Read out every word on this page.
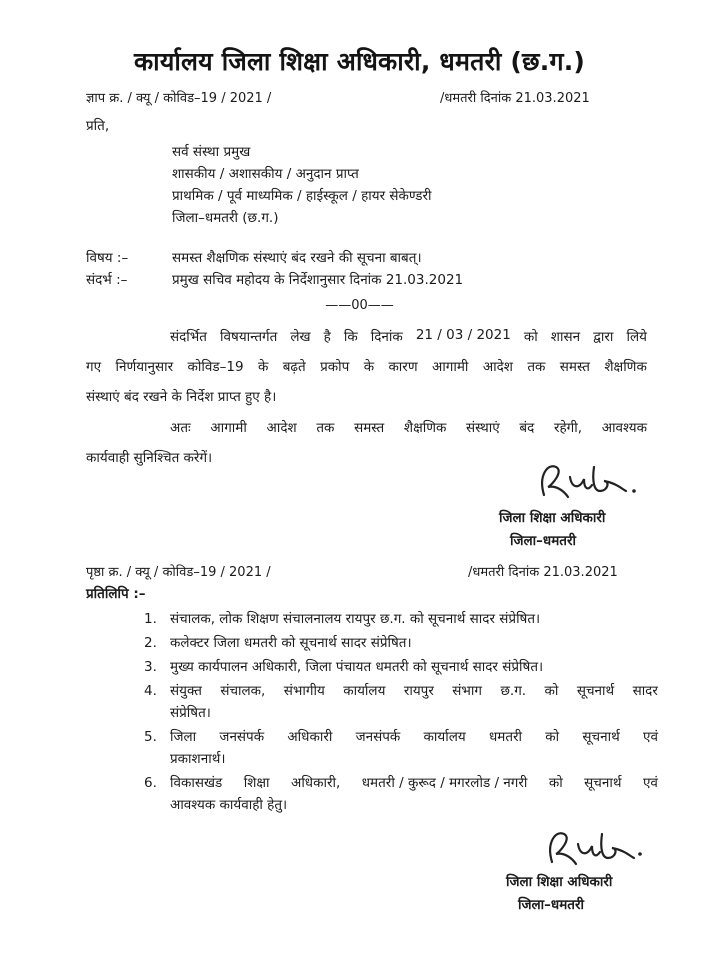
कार्यालय जिला शिक्षा अधिकारी, धमतरी (छ.ग.)
ज्ञाप क्र. / क्यू / कोविड–19 / 2021 /	/धमतरी दिनांक 21.03.2021
प्रति,
सर्व संस्था प्रमुख
शासकीय / अशासकीय / अनुदान प्राप्त
प्राथमिक / पूर्व माध्यमिक / हाईस्कूल / हायर सेकेण्डरी
जिला–धमतरी (छ.ग.)
विषय :–	समस्त शैक्षणिक संस्थाएं बंद रखने की सूचना बाबत्।
संदर्भ :–	प्रमुख सचिव महोदय के निर्देशानुसार दिनांक 21.03.2021
——00——
संदर्भित विषयान्तर्गत लेख है कि दिनांक 21 / 03 / 2021 को शासन द्वारा लिये
गए निर्णयानुसार कोविड–19 के बढ़ते प्रकोप के कारण आगामी आदेश तक समस्त शैक्षणिक
संस्थाएं बंद रखने के निर्देश प्राप्त हुए है।
अतः आगामी आदेश तक समस्त शैक्षणिक संस्थाएं बंद रहेगी, आवश्यक
कार्यवाही सुनिश्चित करेगें।
जिला शिक्षा अधिकारी
जिला–धमतरी
पृष्ठा क्र. / क्यू / कोविड–19 / 2021 /	/धमतरी दिनांक 21.03.2021
प्रतिलिपि :–
1. संचालक, लोक शिक्षण संचालनालय रायपुर छ.ग. को सूचनार्थ सादर संप्रेषित।
2. कलेक्टर जिला धमतरी को सूचनार्थ सादर संप्रेषित।
3. मुख्य कार्यपालन अधिकारी, जिला पंचायत धमतरी को सूचनार्थ सादर संप्रेषित।
4. संयुक्त संचालक, संभागीय कार्यालय रायपुर संभाग छ.ग. को सूचनार्थ सादर
संप्रेषित।
5. जिला जनसंपर्क अधिकारी जनसंपर्क कार्यालय धमतरी को सूचनार्थ एवं
प्रकाशनार्थ।
6. विकासखंड शिक्षा अधिकारी, धमतरी / कुरूद / मगरलोड / नगरी को सूचनार्थ एवं
आवश्यक कार्यवाही हेतु।
जिला शिक्षा अधिकारी
जिला–धमतरी
